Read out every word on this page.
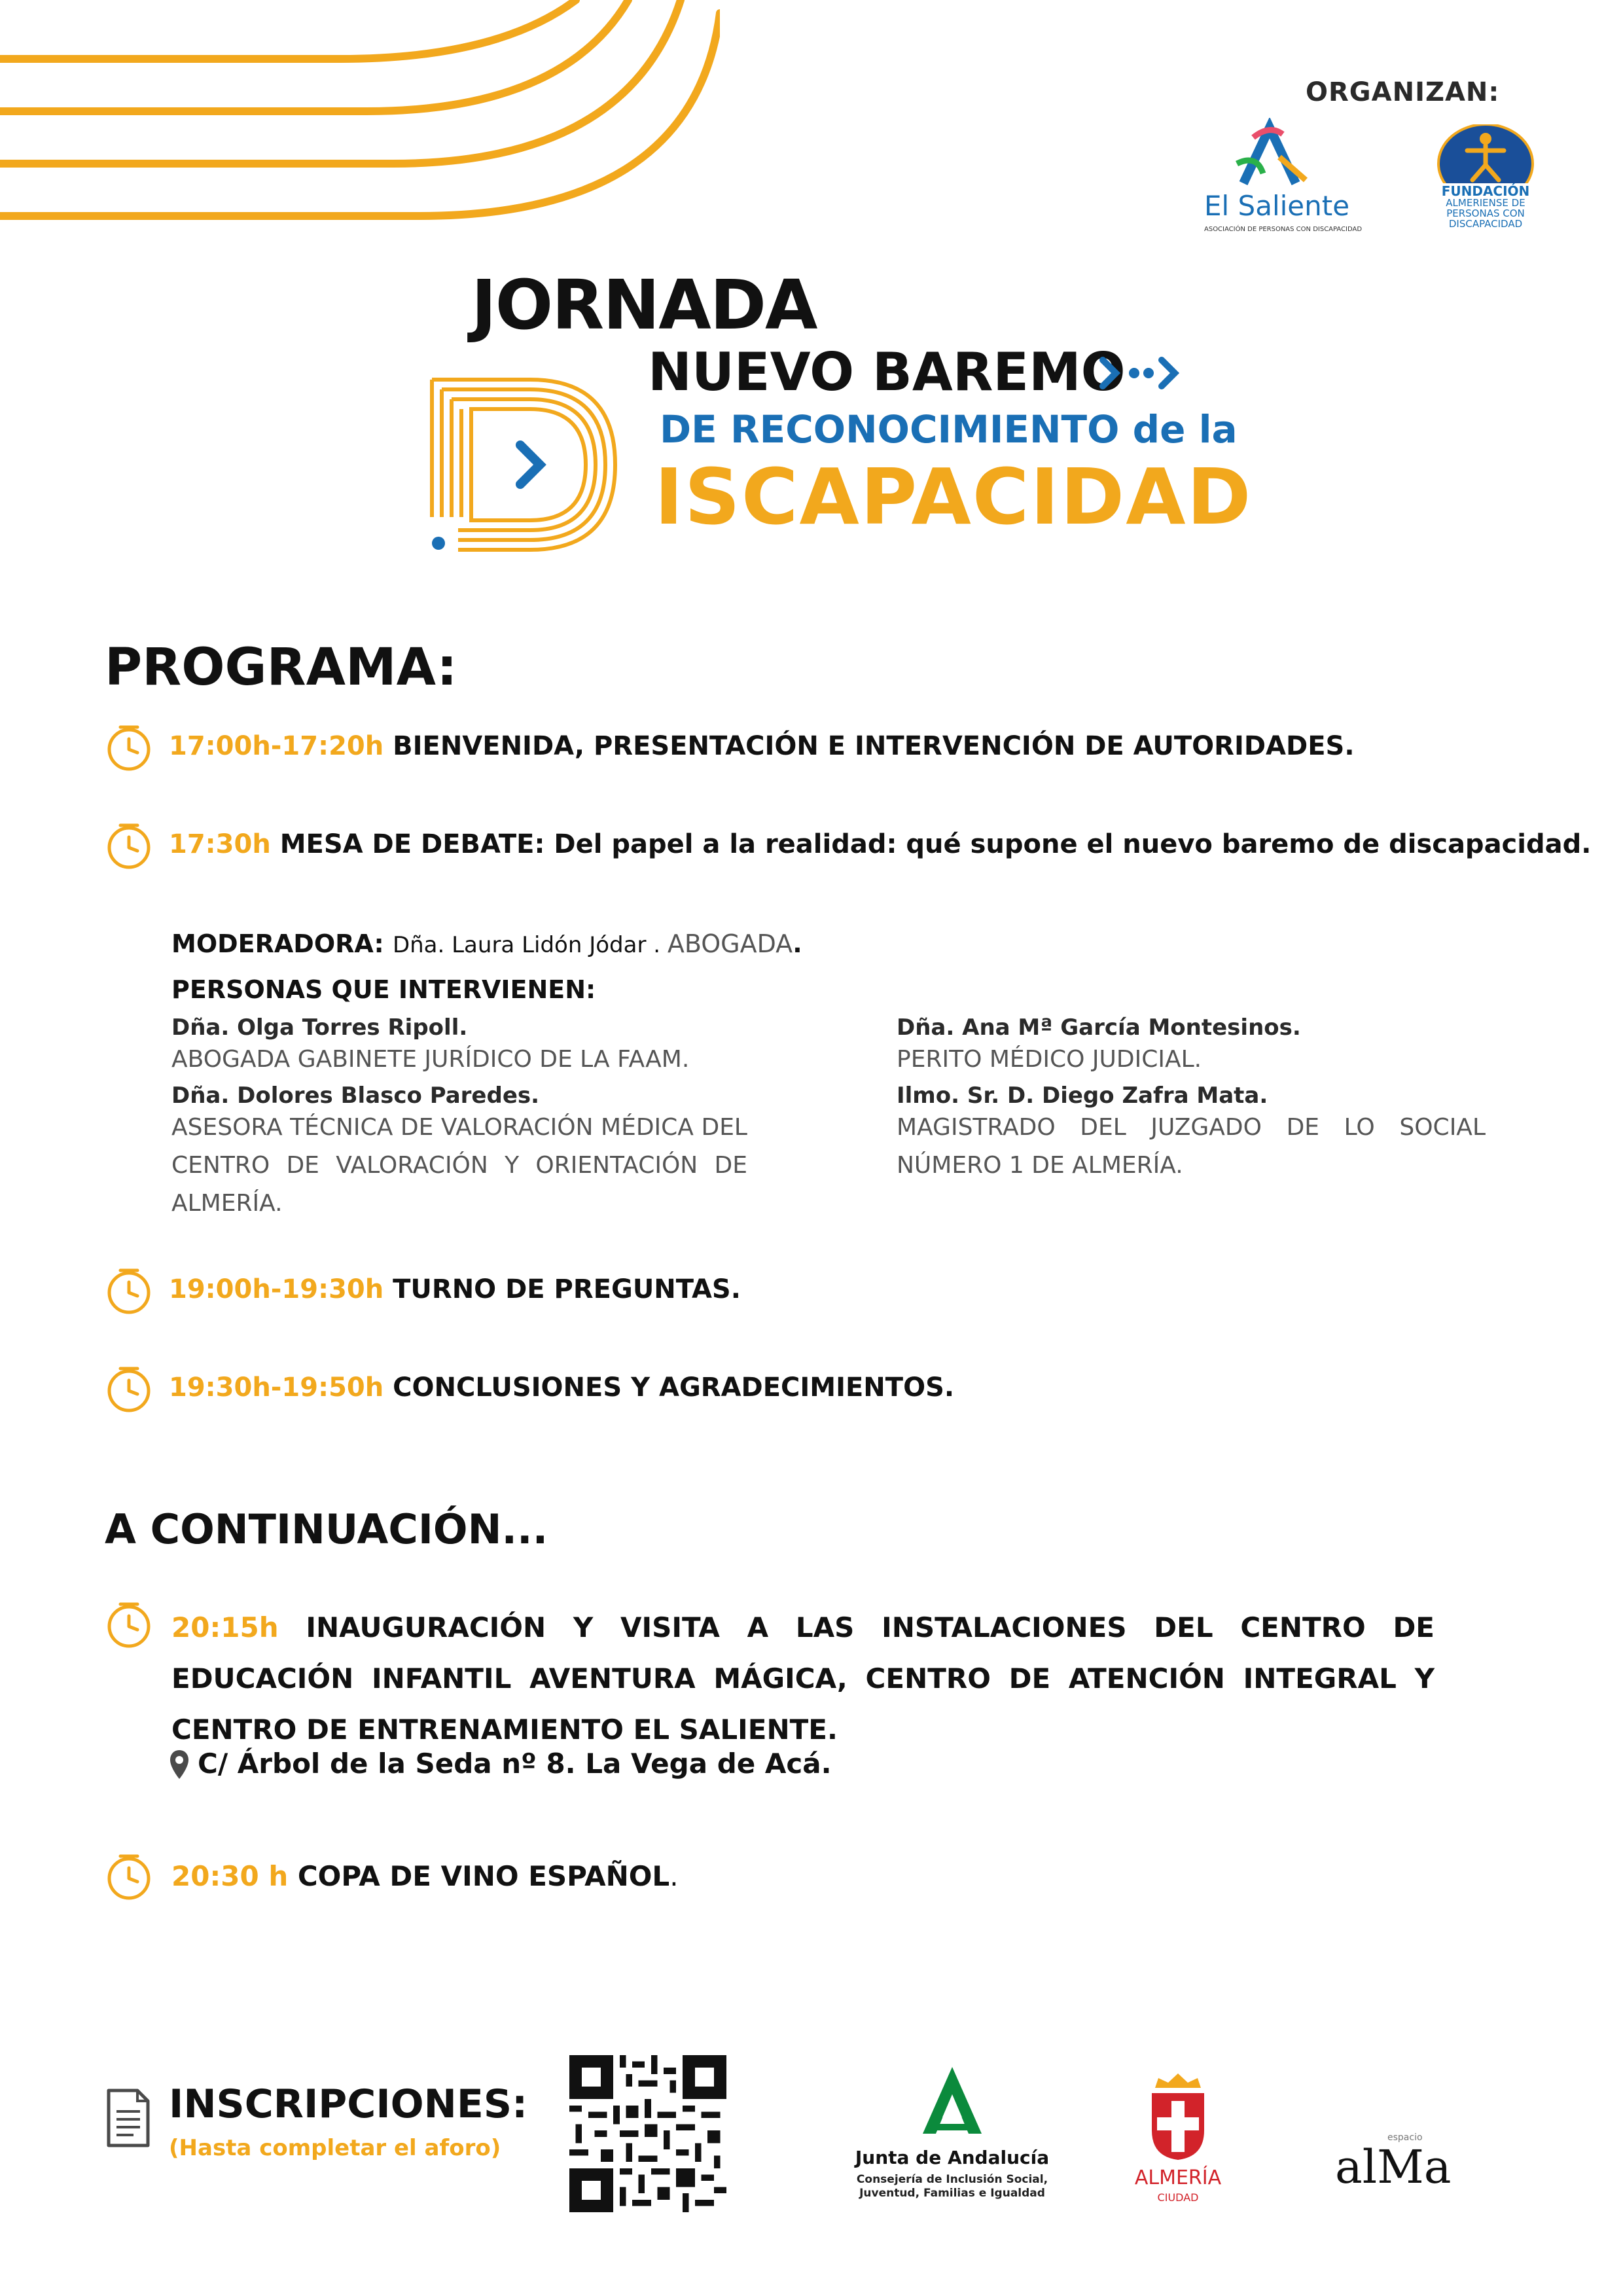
ORGANIZAN:
El Saliente
ASOCIACIÓN DE PERSONAS CON DISCAPACIDAD
FUNDACIÓN
ALMERIENSE DE
PERSONAS CON
DISCAPACIDAD
JORNADA
NUEVO BAREMO
DE RECONOCIMIENTO de la
ISCAPACIDAD
PROGRAMA:
17:00h-17:20h BIENVENIDA, PRESENTACIÓN E INTERVENCIÓN DE AUTORIDADES.
17:30h MESA DE DEBATE: Del papel a la realidad: qué supone el nuevo baremo de discapacidad.
MODERADORA: Dña. Laura Lidón Jódar . ABOGADA.
PERSONAS QUE INTERVIENEN:
Dña. Olga Torres Ripoll.
ABOGADA GABINETE JURÍDICO DE LA FAAM.
Dña. Dolores Blasco Paredes.
ASESORA TÉCNICA DE VALORACIÓN MÉDICA DEL CENTRO DE VALORACIÓN Y ORIENTACIÓN DE ALMERÍA.
Dña. Ana Mª García Montesinos.
PERITO MÉDICO JUDICIAL.
Ilmo. Sr. D. Diego Zafra Mata.
MAGISTRADO DEL JUZGADO DE LO SOCIAL NÚMERO 1 DE ALMERÍA.
19:00h-19:30h TURNO DE PREGUNTAS.
19:30h-19:50h CONCLUSIONES Y AGRADECIMIENTOS.
A CONTINUACIÓN...
20:15h INAUGURACIÓN Y VISITA A LAS INSTALACIONES DEL CENTRO DE EDUCACIÓN INFANTIL AVENTURA MÁGICA, CENTRO DE ATENCIÓN INTEGRAL Y CENTRO DE ENTRENAMIENTO EL SALIENTE.
C/ Árbol de la Seda nº 8. La Vega de Acá.
20:30 h COPA DE VINO ESPAÑOL.
INSCRIPCIONES:
(Hasta completar el aforo)	Junta de Andalucía
Consejería de Inclusión Social,
Juventud, Familias e Igualdad
ALMERÍA
CIUDAD
espacio
alMa
